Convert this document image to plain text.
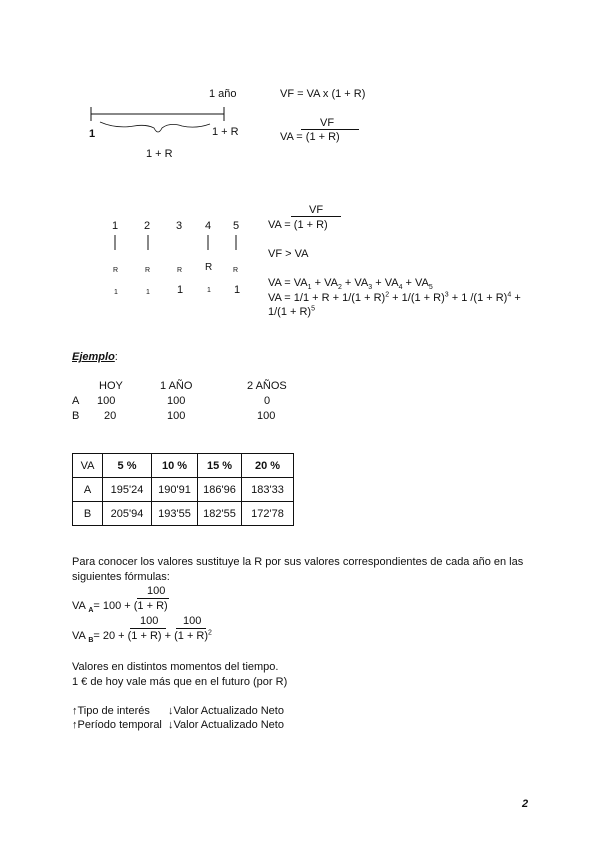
1 año
1	1 + R
1 + R
VF = VA x (1 + R)
VF
VA = (1 + R)
1 2 3 4 5
R	R	R R	R
1	1 1	1 1
VF
VA = (1 + R)
VF > VA
VA = $VA_1 + VA_2 + VA_3 + VA_4 + VA_5$
VA = $1/1 + R + 1/(1 + R)^2 + 1/(1 + R)^3 + 1$ $/(1 + R)^4$ +
$1/(1 + R)^5$
Ejemplo:
HOY	1 AÑO	2 AÑOS
A 100	100	0
B 20	100	100
VA	5 %	10 %	15 %	20 %
A	195'24	190'91	186'96	183'33
B	205'94	193'55	182'55	172'78
Para conocer los valores sustituye la R por sus valores correspondientes de cada año en las
siguientes fórmulas:
100
VA $_A$= 100 + (1 + R)
100 100
VA $_B= 20 + (1 + R) + (1 + R)^2$
Valores en distintos momentos del tiempo.
1 € de hoy vale más que en el futuro (por R)
↑Tipo de interés ↓Valor Actualizado Neto
↑Período temporal ↓Valor Actualizado Neto
2
